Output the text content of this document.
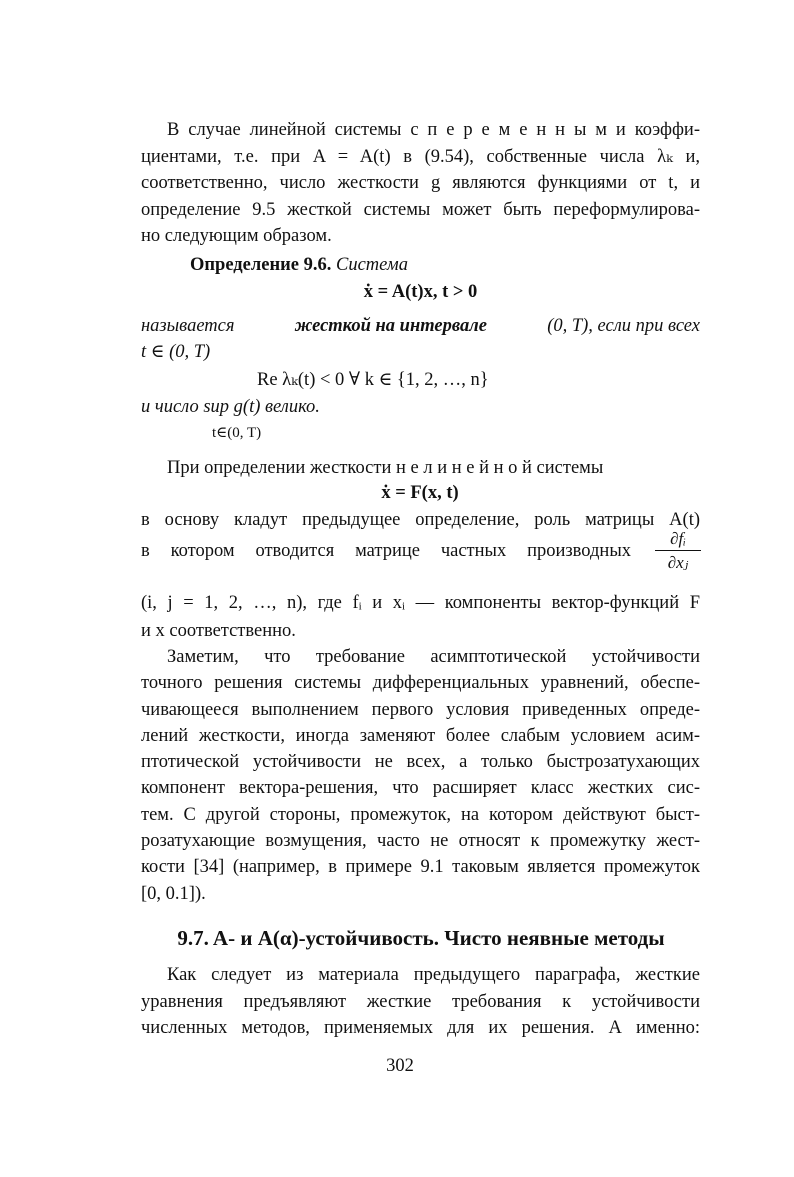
В случае линейной системы с п е р е м е н н ы м и коэффи-
циентами, т.е. при A = A(t) в (9.54), собственные числа λₖ и,
соответственно, число жесткости g являются функциями от t, и
определение 9.5 жесткой системы может быть переформулирова-
но следующим образом.
Определение 9.6. Система
ẋ = A(t)x, t > 0
называется	жесткой на интервале	(0, T), если при всех
t ∈ (0, T)
Re λₖ(t) < 0 ∀ k ∈ {1, 2, …, n}
и число sup g(t) велико.
t∈(0, T)
При определении жесткости н е л и н е й н о й системы
ẋ = F(x, t)
в основу кладут предыдущее определение, роль матрицы A(t)
в котором отводится матрице частных производных $\frac{\text{∂fᵢ}}{\text{∂xⱼ}}$
(i, j = 1, 2, …, n), где fᵢ и xᵢ — компоненты вектор-функций F
и x соответственно.
Заметим, что требование асимптотической устойчивости
точного решения системы дифференциальных уравнений, обеспе-
чивающееся выполнением первого условия приведенных опреде-
лений жесткости, иногда заменяют более слабым условием асим-
птотической устойчивости не всех, а только быстрозатухающих
компонент вектора-решения, что расширяет класс жестких сис-
тем. С другой стороны, промежуток, на котором действуют быст-
розатухающие возмущения, часто не относят к промежутку жест-
кости [34] (например, в примере 9.1 таковым является промежуток
[0, 0.1]).
9.7. A- и A(α)-устойчивость. Чисто неявные методы
Как следует из материала предыдущего параграфа, жесткие
уравнения предъявляют жесткие требования к устойчивости
численных методов, применяемых для их решения. А именно:
302
